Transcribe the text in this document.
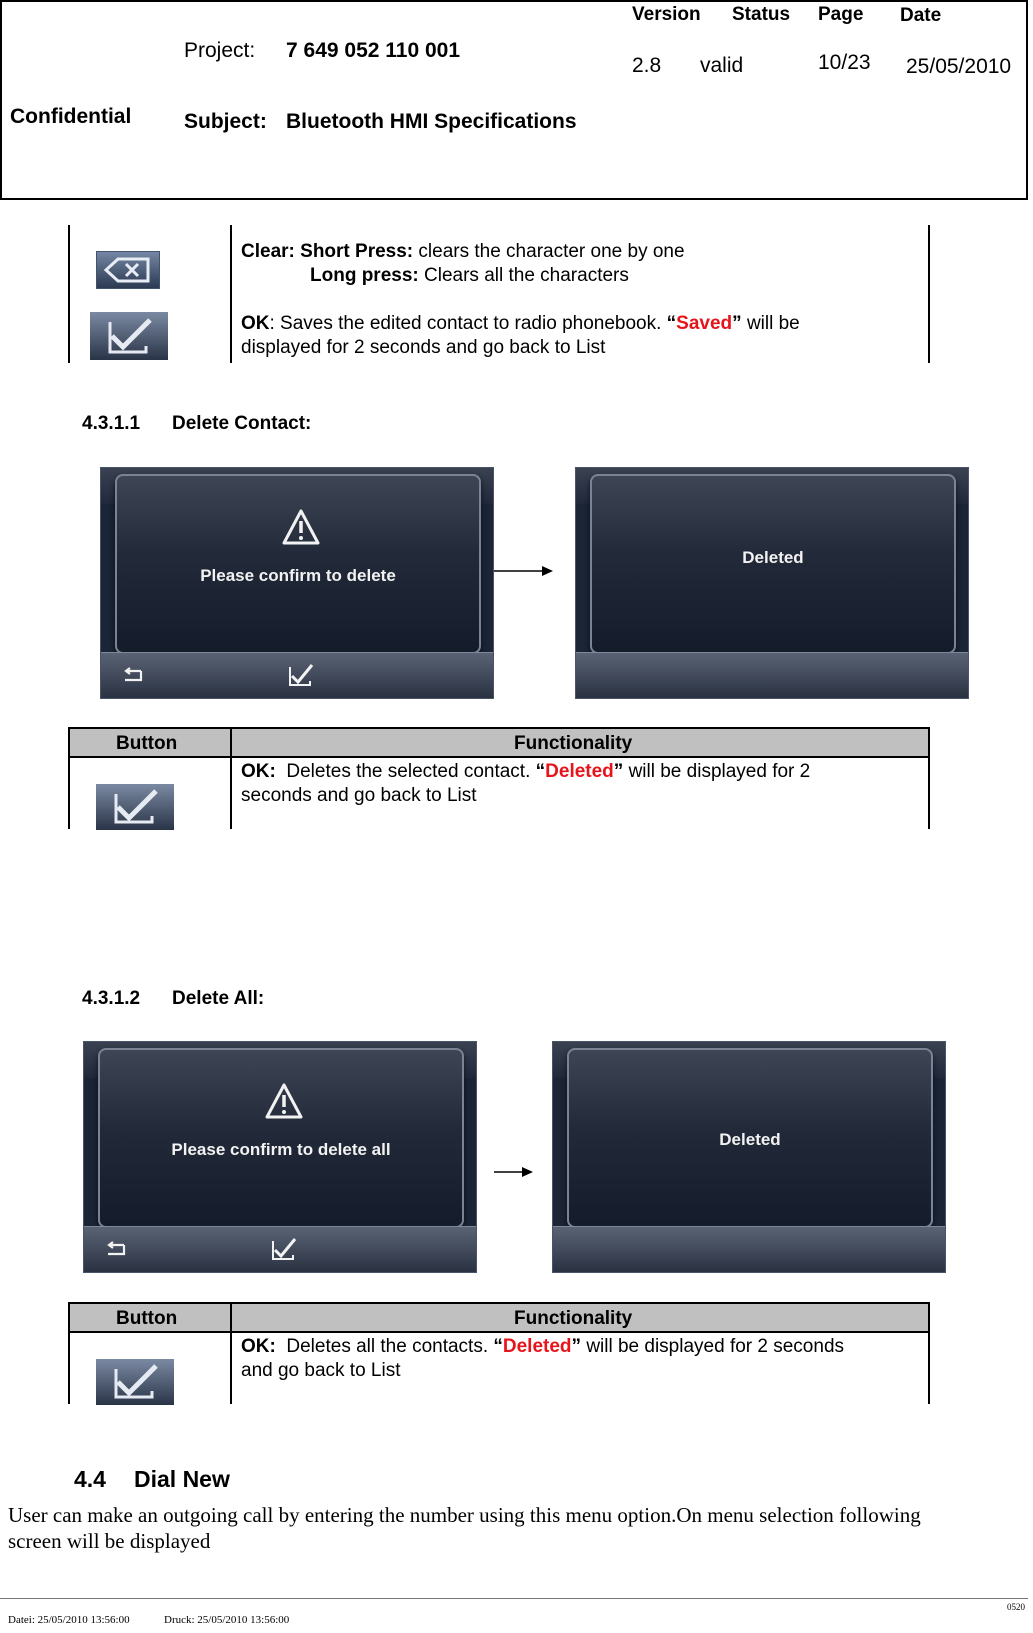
Confidential
Project: 7 649 052 110 001
Subject: Bluetooth HMI Specifications
Version Status
2.8 valid
Page
10/23
Date
25/05/2010
Clear: Short Press: clears the character one by one
Long press: Clears all the characters
OK: Saves the edited contact to radio phonebook. “Saved” will be
displayed for 2 seconds and go back to List
4.3.1.1 Delete Contact:
Please confirm to delete
Deleted
Button	Functionality
OK: Deletes the selected contact. “Deleted” will be displayed for 2
seconds and go back to List
4.3.1.2 Delete All:
Please confirm to delete all
Deleted
Button	Functionality
OK: Deletes all the contacts. “Deleted” will be displayed for 2 seconds
and go back to List
4.4 Dial New
User can make an outgoing call by entering the number using this menu option.On menu selection following
screen will be displayed
0520
Datei: 25/05/2010 13:56:00	Druck: 25/05/2010 13:56:00
